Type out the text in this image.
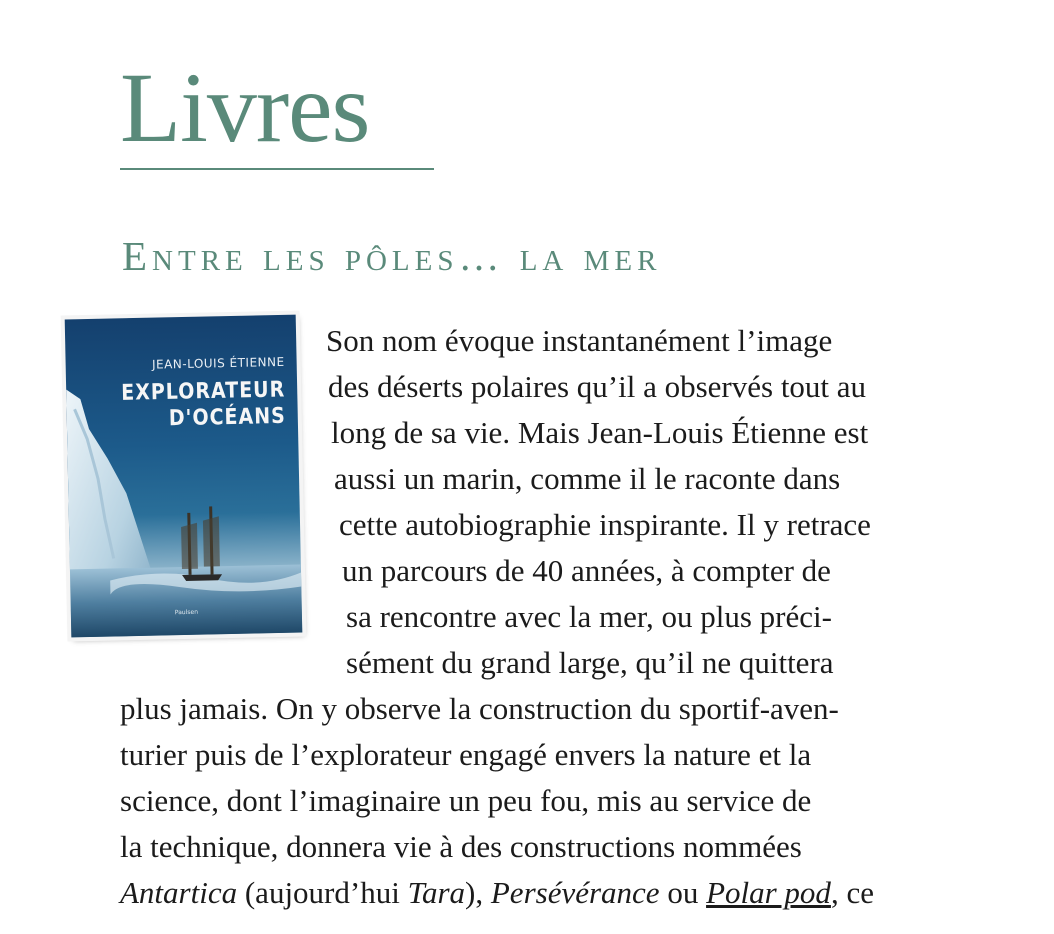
Livres
Entre les pôles… la mer
JEAN-LOUIS ÉTIENNE
EXPLORATEUR
D'OCÉANS
Paulsen
Son nom évoque instantanément l’image
des déserts polaires qu’il a observés tout au
long de sa vie. Mais Jean-Louis Étienne est
aussi un marin, comme il le raconte dans
cette autobiographie inspirante. Il y retrace
un parcours de 40 années, à compter de
sa rencontre avec la mer, ou plus préci-
sément du grand large, qu’il ne quittera
plus jamais. On y observe la construction du sportif-aven-
turier puis de l’explorateur engagé envers la nature et la
science, dont l’imaginaire un peu fou, mis au service de
la technique, donnera vie à des constructions nommées
Antartica (aujourd’hui Tara), Persévérance ou Polar pod, ce
